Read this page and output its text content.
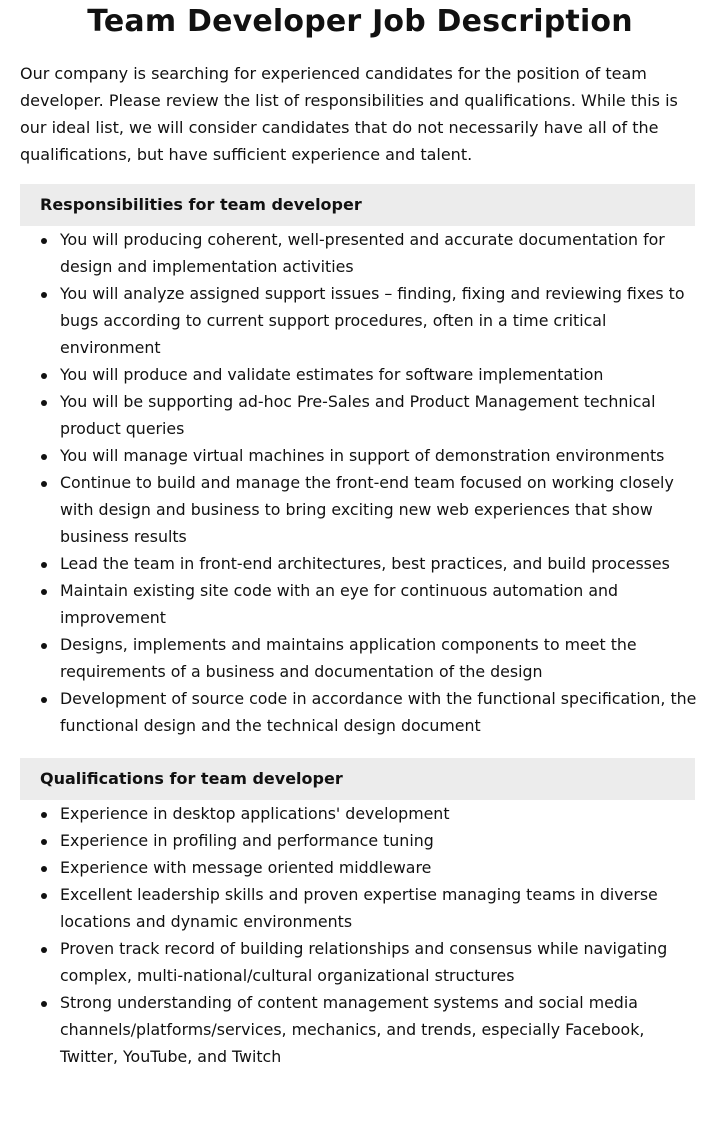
Team Developer Job Description

Our company is searching for experienced candidates for the position of team developer. Please review the list of responsibilities and qualifications. While this is our ideal list, we will consider candidates that do not necessarily have all of the qualifications, but have sufficient experience and talent.

Responsibilities for team developer
You will producing coherent, well-presented and accurate documentation for design and implementation activities
You will analyze assigned support issues – finding, fixing and reviewing fixes to bugs according to current support procedures, often in a time critical environment
You will produce and validate estimates for software implementation
You will be supporting ad-hoc Pre-Sales and Product Management technical product queries
You will manage virtual machines in support of demonstration environments
Continue to build and manage the front-end team focused on working closely with design and business to bring exciting new web experiences that show business results
Lead the team in front-end architectures, best practices, and build processes
Maintain existing site code with an eye for continuous automation and improvement
Designs, implements and maintains application components to meet the requirements of a business and documentation of the design
Development of source code in accordance with the functional specification, the functional design and the technical design document
Qualifications for team developer
Experience in desktop applications' development
Experience in profiling and performance tuning
Experience with message oriented middleware
Excellent leadership skills and proven expertise managing teams in diverse locations and dynamic environments
Proven track record of building relationships and consensus while navigating complex, multi-national/cultural organizational structures
Strong understanding of content management systems and social media channels/platforms/services, mechanics, and trends, especially Facebook, Twitter, YouTube, and Twitch
